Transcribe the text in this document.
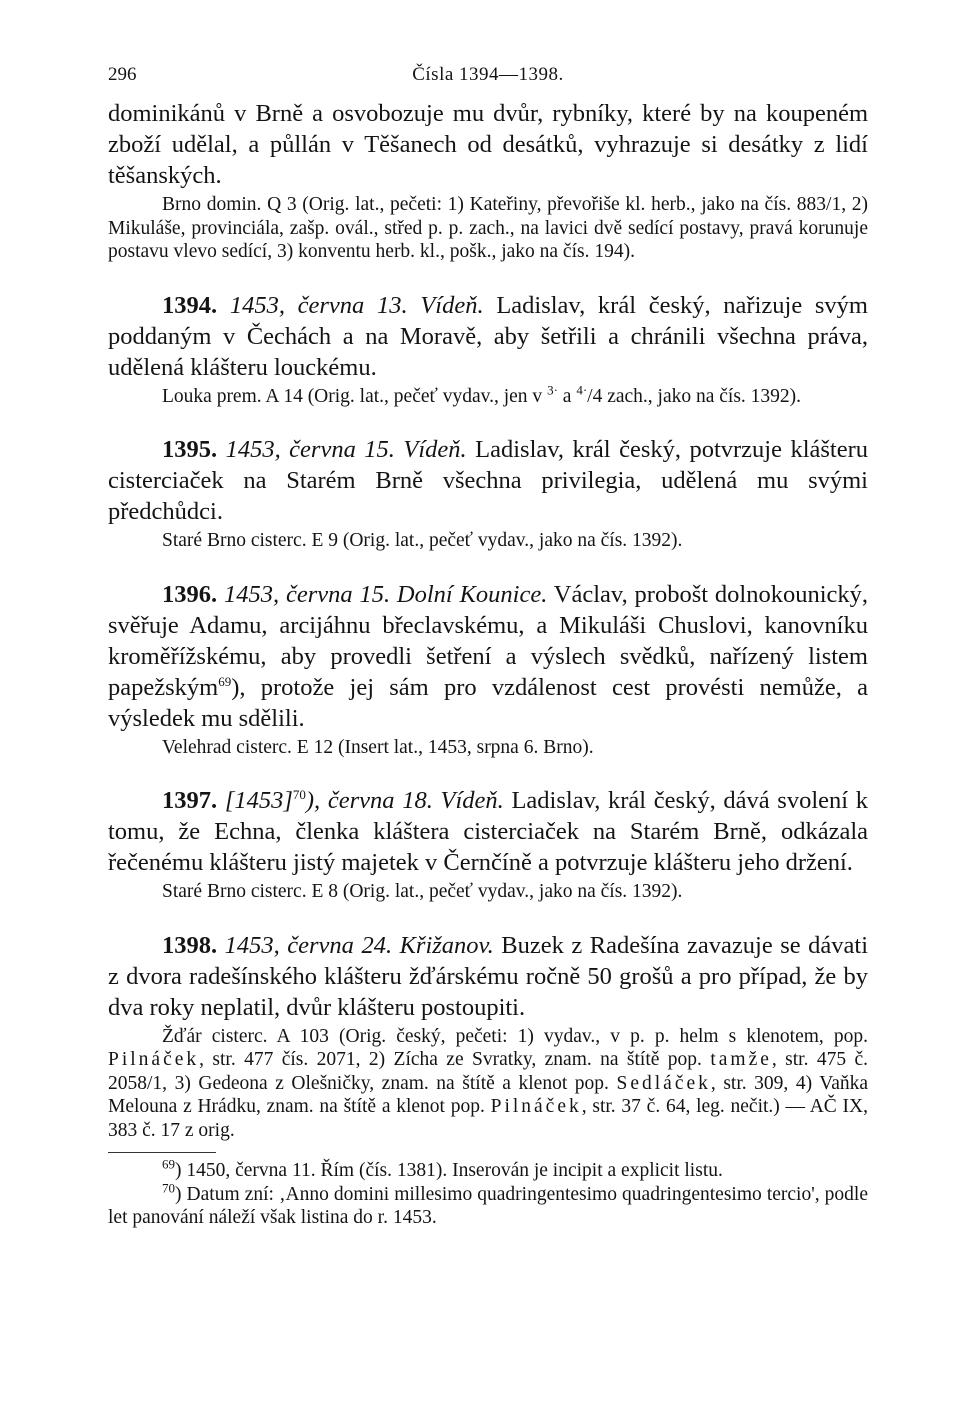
296	Čísla 1394—1398.

dominikánů v Brně a osvobozuje mu dvůr, rybníky, které by na koupeném zboží udělal, a půllán v Těšanech od desátků, vyhrazuje si desátky z lidí těšanských.

Brno domin. Q 3 (Orig. lat., pečeti: 1) Kateřiny, převořiše kl. herb., jako na čís. 883/1, 2) Mikuláše, provinciála, zašp. ovál., střed p. p. zach., na lavici dvě sedící postavy, pravá korunuje postavu vlevo sedící, 3) konventu herb. kl., pošk., jako na čís. 194).

1394. 1453, června 13. Vídeň. Ladislav, král český, nařizuje svým poddaným v Čechách a na Moravě, aby šetřili a chránili všechna práva, udělená klášteru louckému.

Louka prem. A 14 (Orig. lat., pečeť vydav., jen v $^{3\cdot}$ a $^{4\cdot}$/4 zach., jako na čís. 1392).

1395. 1453, června 15. Vídeň. Ladislav, král český, potvrzuje klášteru cisterciaček na Starém Brně všechna privilegia, udělená mu svými předchůdci.

Staré Brno cisterc. E 9 (Orig. lat., pečeť vydav., jako na čís. 1392).

1396. 1453, června 15. Dolní Kounice. Václav, probošt dolnokounický, svěřuje Adamu, arcijáhnu břeclavskému, a Mikuláši Chuslovi, kanovníku kroměřížskému, aby provedli šetření a výslech svědků, nařízený listem papežským$^{69}$), protože jej sám pro vzdálenost cest provésti nemůže, a výsledek mu sdělili.

Velehrad cisterc. E 12 (Insert lat., 1453, srpna 6. Brno).

1397. $[1453]^{70}$), června 18. Vídeň. Ladislav, král český, dává svolení k tomu, že Echna, členka kláštera cisterciaček na Starém Brně, odkázala řečenému klášteru jistý majetek v Černčíně a potvrzuje klášteru jeho držení.

Staré Brno cisterc. E 8 (Orig. lat., pečeť vydav., jako na čís. 1392).

1398. 1453, června 24. Křižanov. Buzek z Radešína zavazuje se dávati z dvora radešínského klášteru žďárskému ročně 50 grošů a pro případ, že by dva roky neplatil, dvůr klášteru postoupiti.

Žďár cisterc. A 103 (Orig. český, pečeti: 1) vydav., v p. p. helm s klenotem, pop. Pilnáček, str. 477 čís. 2071, 2) Zícha ze Svratky, znam. na štítě pop. tamže, str. 475 č. 2058/1, 3) Gedeona z Olešničky, znam. na štítě a klenot pop. Sedláček, str. 309, 4) Vaňka Melouna z Hrádku, znam. na štítě a klenot pop. Pilnáček, str. 37 č. 64, leg. nečit.) — AČ IX, 383 č. 17 z orig.

$^{69}$) 1450, června 11. Řím (čís. 1381). Inserován je incipit a explicit listu.

$^{70}$) Datum zní: ‚Anno domini millesimo quadringentesimo quadringentesimo tercio', podle let panování náleží však listina do r. 1453.
